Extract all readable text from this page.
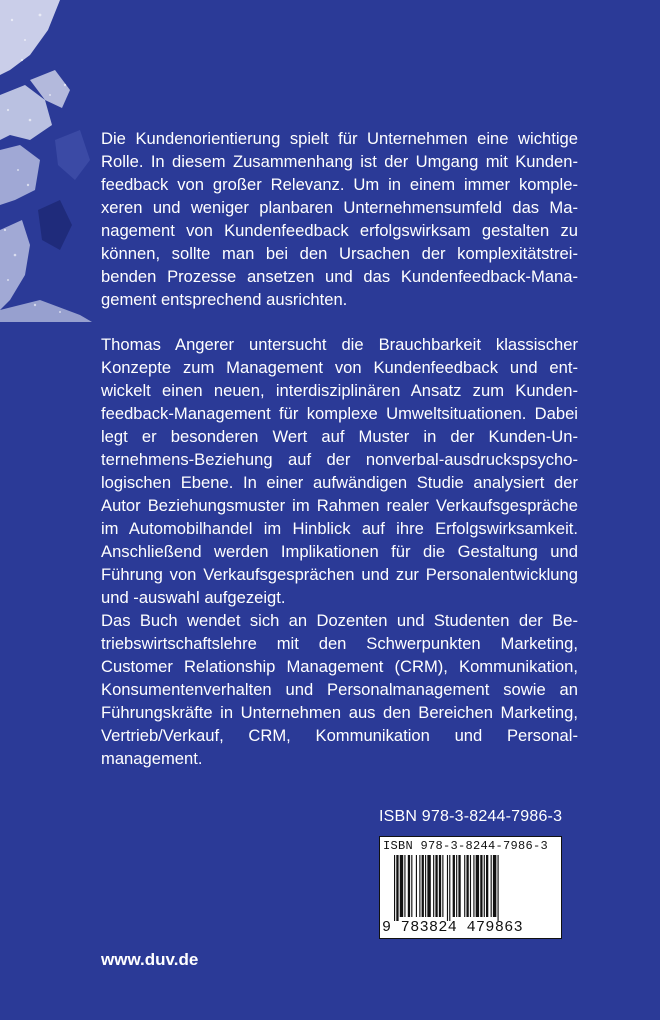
Die Kundenorientierung spielt für Unternehmen eine wichtige Rolle. In diesem Zusammenhang ist der Umgang mit Kundenfeedback von großer Relevanz. Um in einem immer komplexeren und weniger planbaren Unternehmensumfeld das Management von Kundenfeedback erfolgswirksam gestalten zu können, sollte man bei den Ursachen der komplexitätstreibenden Prozesse ansetzen und das Kundenfeedback-Management entsprechend ausrichten.

Thomas Angerer untersucht die Brauchbarkeit klassischer Konzepte zum Management von Kundenfeedback und entwickelt einen neuen, interdisziplinären Ansatz zum Kundenfeedback-Management für komplexe Umweltsituationen. Dabei legt er besonderen Wert auf Muster in der Kunden-Unternehmens-Beziehung auf der nonverbal-ausdruckspsychologischen Ebene. In einer aufwändigen Studie analysiert der Autor Beziehungsmuster im Rahmen realer Verkaufsgespräche im Automobilhandel im Hinblick auf ihre Erfolgswirksamkeit. Anschließend werden Implikationen für die Gestaltung und Führung von Verkaufsgesprächen und zur Personalentwicklung und -auswahl aufgezeigt.

Das Buch wendet sich an Dozenten und Studenten der Betriebswirtschaftslehre mit den Schwerpunkten Marketing, Customer Relationship Management (CRM), Kommunikation, Konsumentenverhalten und Personalmanagement sowie an Führungskräfte in Unternehmen aus den Bereichen Marketing, Vertrieb/Verkauf, CRM, Kommunikation und Personalmanagement.

ISBN 978-3-8244-7986-3
ISBN 978-3-8244-7986-3
9 783824 479863
www.duv.de
